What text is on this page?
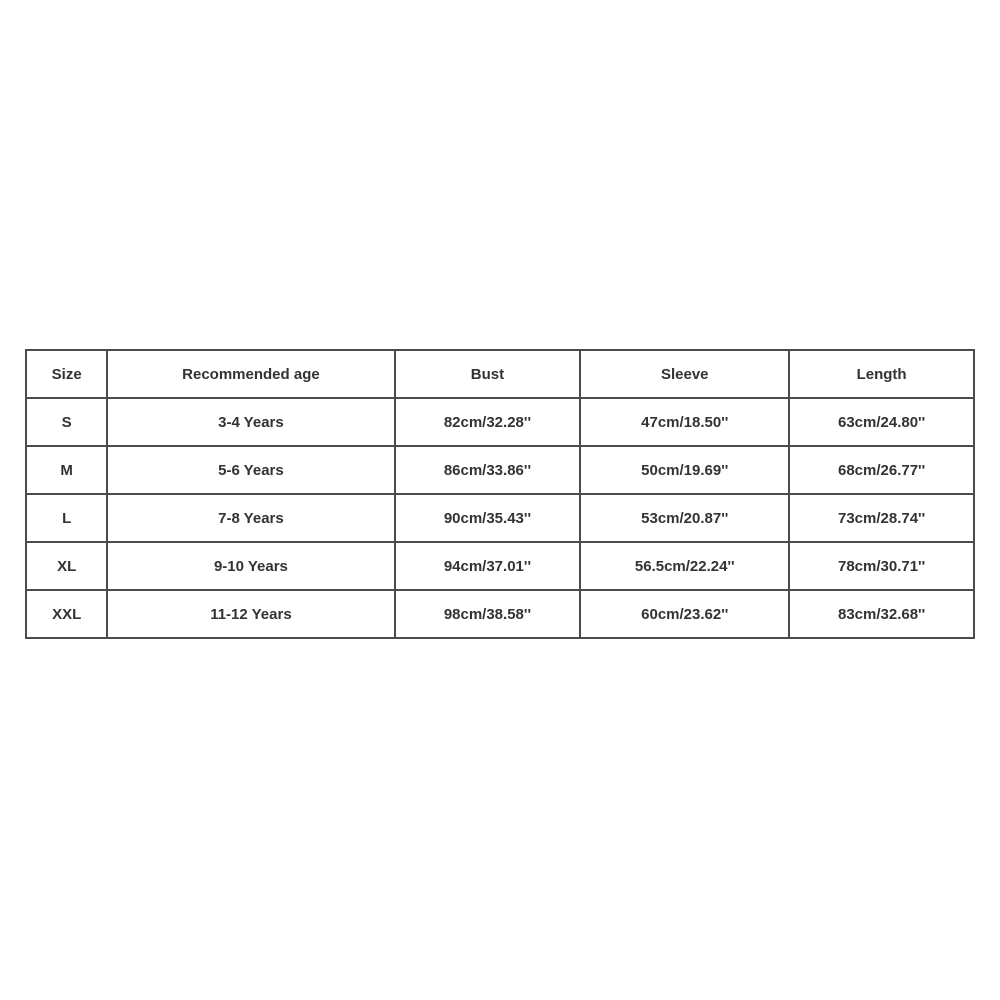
Size	Recommended age	Bust	Sleeve	Length
S	3-4 Years	82cm/32.28''	47cm/18.50''	63cm/24.80''
M	5-6 Years	86cm/33.86''	50cm/19.69''	68cm/26.77''
L	7-8 Years	90cm/35.43''	53cm/20.87''	73cm/28.74''
XL	9-10 Years	94cm/37.01''	56.5cm/22.24''	78cm/30.71''
XXL	11-12 Years	98cm/38.58''	60cm/23.62''	83cm/32.68''
